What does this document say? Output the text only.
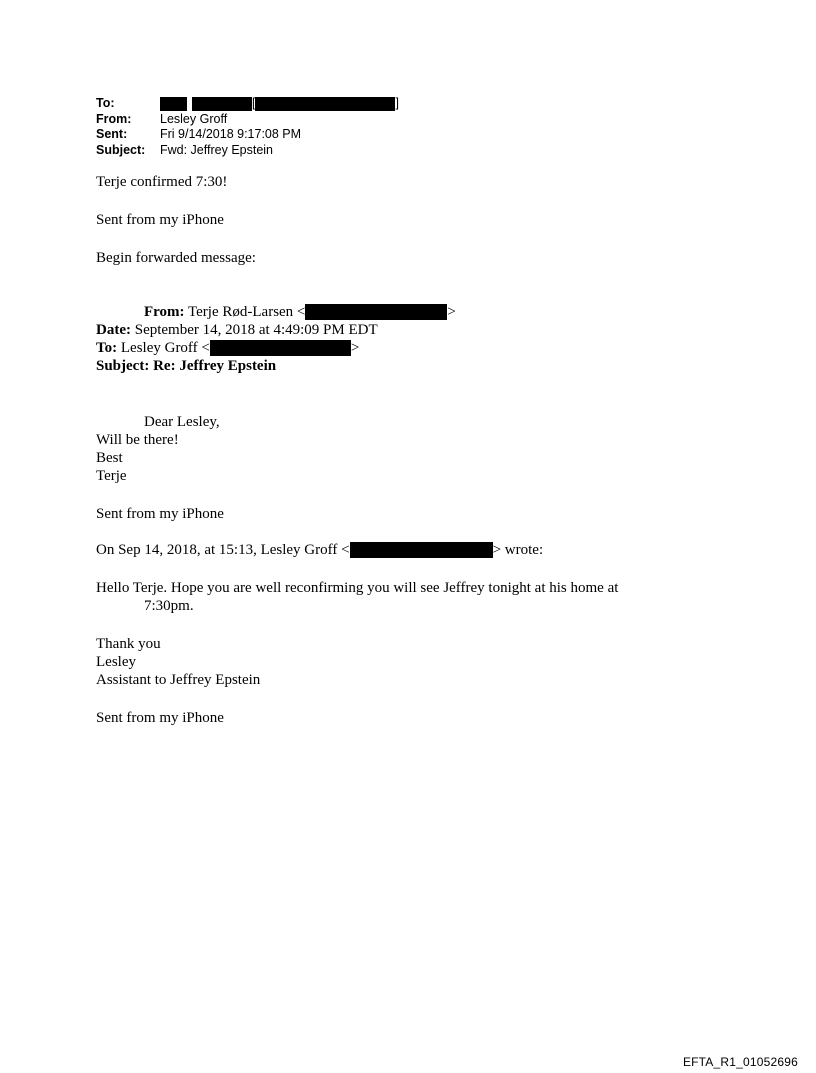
To:	[	]
From:	Lesley Groff
Sent:	Fri 9/14/2018 9:17:08 PM
Subject:	Fwd: Jeffrey Epstein
Terje confirmed 7:30!
Sent from my iPhone
Begin forwarded message:
From: Terje Rød-Larsen <	>
Date: September 14, 2018 at 4:49:09 PM EDT
To: Lesley Groff <	>
Subject: Re: Jeffrey Epstein
Dear Lesley,
Will be there!
Best
Terje
Sent from my iPhone
On Sep 14, 2018, at 15:13, Lesley Groff <	> wrote:
Hello Terje. Hope you are well reconfirming you will see Jeffrey tonight at his home at
7:30pm.
Thank you
Lesley
Assistant to Jeffrey Epstein
Sent from my iPhone
EFTA_R1_01052696
